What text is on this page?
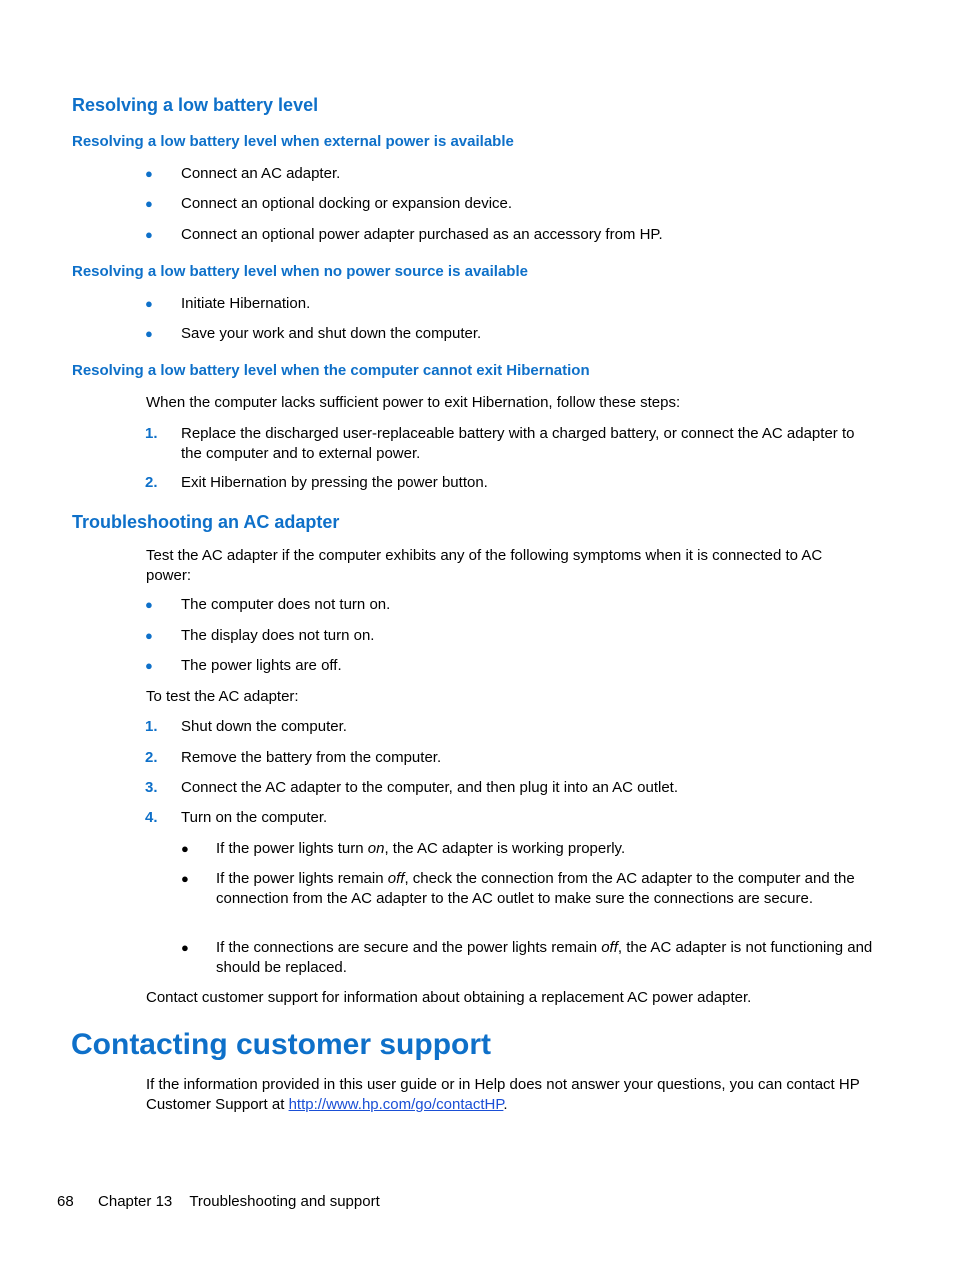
Resolving a low battery level
Resolving a low battery level when external power is available
● Connect an AC adapter.
● Connect an optional docking or expansion device.
● Connect an optional power adapter purchased as an accessory from HP.
Resolving a low battery level when no power source is available
● Initiate Hibernation.
● Save your work and shut down the computer.
Resolving a low battery level when the computer cannot exit Hibernation
When the computer lacks sufficient power to exit Hibernation, follow these steps:
1. Replace the discharged user-replaceable battery with a charged battery, or connect the AC adapter to the computer and to external power.
2. Exit Hibernation by pressing the power button.
Troubleshooting an AC adapter
Test the AC adapter if the computer exhibits any of the following symptoms when it is connected to AC power:
● The computer does not turn on.
● The display does not turn on.
● The power lights are off.
To test the AC adapter:
1. Shut down the computer.
2. Remove the battery from the computer.
3. Connect the AC adapter to the computer, and then plug it into an AC outlet.
4. Turn on the computer.
● If the power lights turn on, the AC adapter is working properly.
● If the power lights remain off, check the connection from the AC adapter to the computer and the connection from the AC adapter to the AC outlet to make sure the connections are secure.
● If the connections are secure and the power lights remain off, the AC adapter is not functioning and should be replaced.
Contact customer support for information about obtaining a replacement AC power adapter.
Contacting customer support
If the information provided in this user guide or in Help does not answer your questions, you can contact HP Customer Support at http://www.hp.com/go/contactHP.
68 Chapter 13 Troubleshooting and support
